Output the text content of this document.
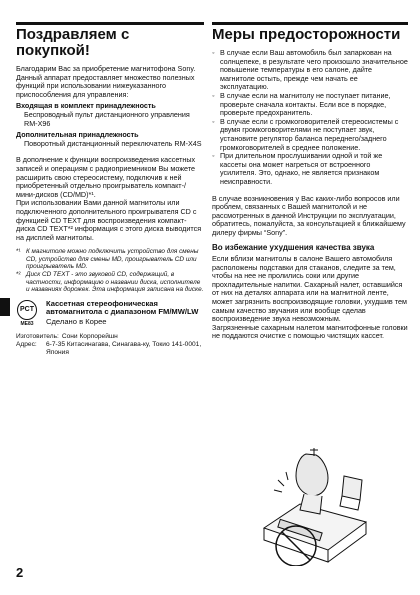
Поздравляем с покупкой!
Благодарим Вас за приобретение магнитофона Sony. Данный аппарат предоставляет множество полезных функций при использовании нижеуказанного приспособления для управления:
Входящая в комплект принадлежность
Беспроводный пульт дистанционного управления RM-X96
Дополнительная принадлежность
Поворотный дистанционный переключатель RM-X4S
В дополнение к функции воспроизведения кассетных записей и операциям с радиоприемником Вы можете расширить свою стереосистему, подключив к ней приобретенный отдельно проигрыватель компакт-/мини-дисков (CD/MD)*¹.
При использовании Вами данной магнитолы или подключенного дополнительного проигрывателя CD с функцией CD TEXT для воспроизведения компакт-диска CD TEXT*² информация с этого диска выводится на дисплей магнитолы.
*¹ К магнитоле можно подключить устройство для смены CD, устройство для смены MD, проигрыватель CD или проигрыватель MD.
*² Диск CD TEXT - это звуковой CD, содержащий, в частности, информацию о названии диска, исполнителе и названиях дорожек. Эта информация записана на диске.
PCT
ME83
Кассетная стереофоническая автомагнитола с диапазоном FM/MW/LW
Сделано в Корее
Изготовитель: Сони Корпорейшн
Адрес:	6-7-35 Китасинагава, Синагава-ку, Токио 141-0001, Япония
Меры предосторожности
◦ В случае если Ваш автомобиль был запаркован на солнцепеке, в результате чего произошло значительное повышение температуры в его салоне, дайте магнитоле остыть, прежде чем начать ее эксплуатацию.
◦ В случае если на магнитолу не поступает питание, проверьте сначала контакты. Если все в порядке, проверьте предохранитель.
◦ В случае если с громкоговорителей стереосистемы с двумя громкоговорителями не поступает звук, установите регулятор баланса переднего/заднего громкоговорителей в среднее положение.
◦ При длительном прослушивании одной и той же кассеты она может нагреться от встроенного усилителя. Это, однако, не является признаком неисправности.
В случае возникновения у Вас каких-либо вопросов или проблем, связанных с Вашей магнитолой и не рассмотренных в данной Инструкции по эксплуатации, обратитесь, пожалуйста, за консультацией к ближайшему дилеру фирмы “Sony”.
Во избежание ухудшения качества звука
Если вблизи магнитолы в салоне Вашего автомобиля расположены подставки для стаканов, следите за тем, чтобы на нее не пролились соки или другие прохладительные напитки. Сахарный налет, оставшийся от них на деталях аппарата или на магнитной ленте, может загрязнить воспроизводящие головки, ухудшив тем самым качество звучания или вообще сделав воспроизведение звука невозможным.
Загрязненные сахарным налетом магнитофонные головки не поддаются очистке с помощью чистящих кассет.
2
